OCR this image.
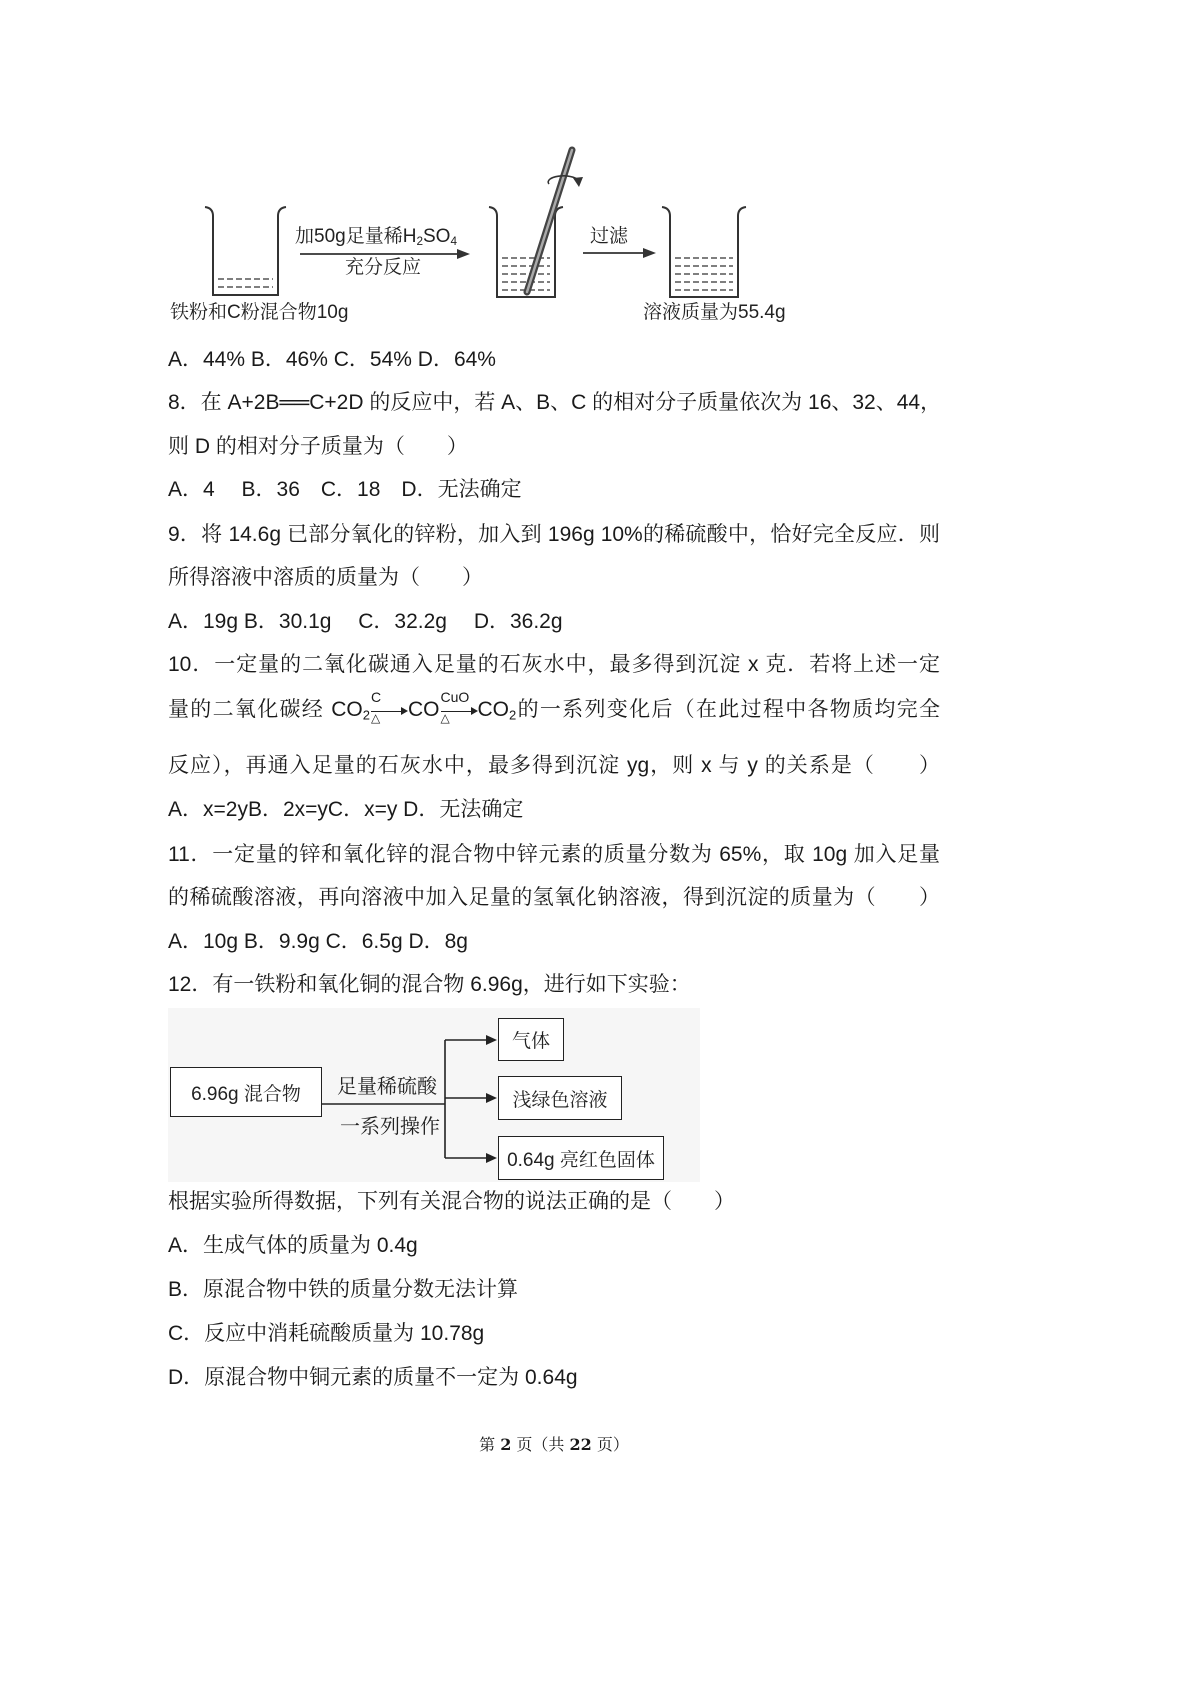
加50g足量稀$H_2SO_4$
充分反应
过滤
铁粉和C粉混合物10g	溶液质量为55.4g
A．44% B．46% C．54% D．64%
8．在 A+2B══C+2D 的反应中，若 A、B、C 的相对分子质量依次为 16、32、44，
则 D 的相对分子质量为（　　）
A．4　 B．36　C．18　D．无法确定
9．将 14.6g 已部分氧化的锌粉，加入到 196g 10%的稀硫酸中，恰好完全反应．则
所得溶液中溶质的质量为（　　）
A．19g B．30.1g　 C．32.2g　 D．36.2g
10．一定量的二氧化碳通入足量的石灰水中，最多得到沉淀 x 克．若将上述一定
量的二氧化碳经 $CO_2$
C
△	CO
CuO
△	$CO_2$的一系列变化后（在此过程中各物质均完全
反应），再通入足量的石灰水中，最多得到沉淀 yg，则 x 与 y 的关系是（　　）
A．x=2yB．2x=yC．x=y D．无法确定
11．一定量的锌和氧化锌的混合物中锌元素的质量分数为 65%，取 10g 加入足量
的稀硫酸溶液，再向溶液中加入足量的氢氧化钠溶液，得到沉淀的质量为（　　）
A．10g B．9.9g C．6.5g D．8g
12．有一铁粉和氧化铜的混合物 6.96g，进行如下实验：
6.96g 混合物	足量稀硫酸
一系列操作
气体
浅绿色溶液
0.64g 亮红色固体
根据实验所得数据，下列有关混合物的说法正确的是（　　）
A．生成气体的质量为 0.4g
B．原混合物中铁的质量分数无法计算
C．反应中消耗硫酸质量为 10.78g
D．原混合物中铜元素的质量不一定为 0.64g
第 2 页（共 22 页）
